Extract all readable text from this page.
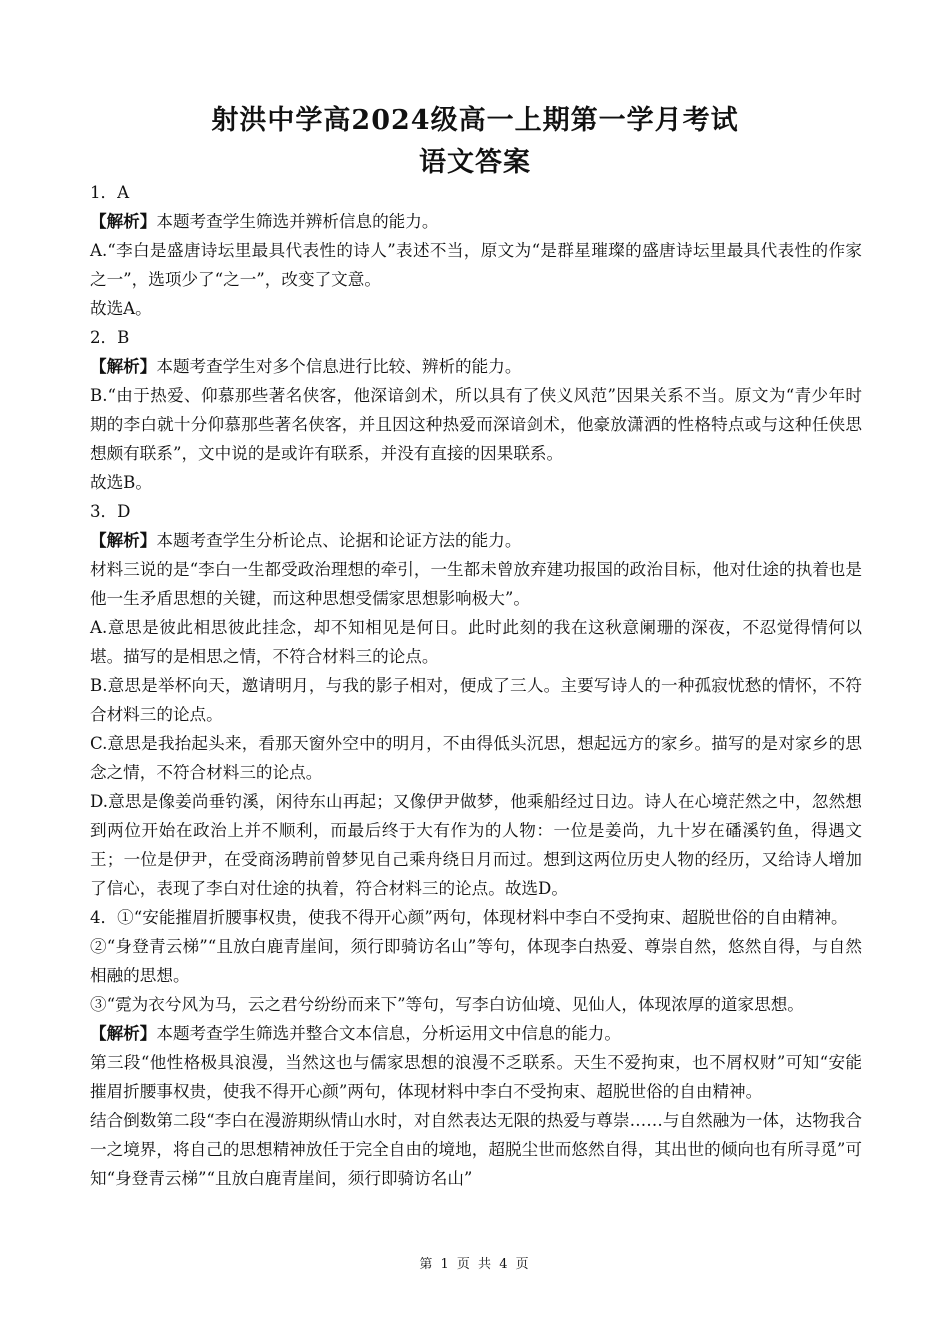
射洪中学高2024级高一上期第一学月考试
语文答案

1．A

【解析】本题考查学生筛选并辨析信息的能力。

A.“李白是盛唐诗坛里最具代表性的诗人”表述不当，原文为“是群星璀璨的盛唐诗坛里最具代表性的作家之一”，选项少了“之一”，改变了文意。

故选A。

2．B

【解析】本题考查学生对多个信息进行比较、辨析的能力。

B.“由于热爱、仰慕那些著名侠客，他深谙剑术，所以具有了侠义风范”因果关系不当。原文为“青少年时期的李白就十分仰慕那些著名侠客，并且因这种热爱而深谙剑术，他豪放潇洒的性格特点或与这种任侠思想颇有联系”，文中说的是或许有联系，并没有直接的因果联系。

故选B。

3．D

【解析】本题考查学生分析论点、论据和论证方法的能力。

材料三说的是“李白一生都受政治理想的牵引，一生都未曾放弃建功报国的政治目标，他对仕途的执着也是他一生矛盾思想的关键，而这种思想受儒家思想影响极大”。

A.意思是彼此相思彼此挂念，却不知相见是何日。此时此刻的我在这秋意阑珊的深夜，不忍觉得情何以堪。描写的是相思之情，不符合材料三的论点。

B.意思是举杯向天，邀请明月，与我的影子相对，便成了三人。主要写诗人的一种孤寂忧愁的情怀，不符合材料三的论点。

C.意思是我抬起头来，看那天窗外空中的明月，不由得低头沉思，想起远方的家乡。描写的是对家乡的思念之情，不符合材料三的论点。

D.意思是像姜尚垂钓溪，闲待东山再起；又像伊尹做梦，他乘船经过日边。诗人在心境茫然之中，忽然想到两位开始在政治上并不顺利，而最后终于大有作为的人物：一位是姜尚，九十岁在磻溪钓鱼，得遇文王；一位是伊尹，在受商汤聘前曾梦见自己乘舟绕日月而过。想到这两位历史人物的经历，又给诗人增加了信心，表现了李白对仕途的执着，符合材料三的论点。故选D。

4．①“安能摧眉折腰事权贵，使我不得开心颜”两句，体现材料中李白不受拘束、超脱世俗的自由精神。

②“身登青云梯”“且放白鹿青崖间，须行即骑访名山”等句，体现李白热爱、尊崇自然，悠然自得，与自然相融的思想。

③“霓为衣兮风为马，云之君兮纷纷而来下”等句，写李白访仙境、见仙人，体现浓厚的道家思想。

【解析】本题考查学生筛选并整合文本信息，分析运用文中信息的能力。

第三段“他性格极具浪漫，当然这也与儒家思想的浪漫不乏联系。天生不爱拘束，也不屑权财”可知“安能摧眉折腰事权贵，使我不得开心颜”两句，体现材料中李白不受拘束、超脱世俗的自由精神。

结合倒数第二段“李白在漫游期纵情山水时，对自然表达无限的热爱与尊崇……与自然融为一体，达物我合一之境界，将自己的思想精神放任于完全自由的境地，超脱尘世而悠然自得，其出世的倾向也有所寻觅”可知“身登青云梯”“且放白鹿青崖间，须行即骑访名山”

第 1 页 共 4 页
